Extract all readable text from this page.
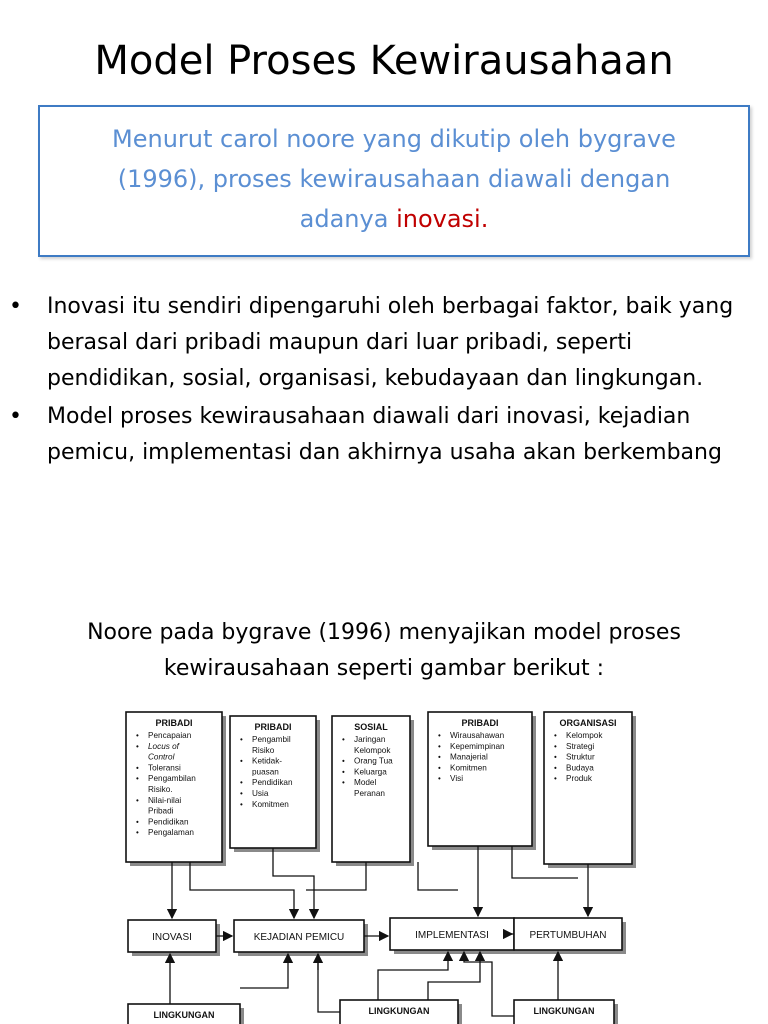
Model Proses Kewirausahaan

Menurut carol noore yang dikutip oleh bygrave
(1996), proses kewirausahaan diawali dengan
adanya inovasi.

• Inovasi itu sendiri dipengaruhi oleh berbagai faktor, baik yang berasal dari pribadi maupun dari luar pribadi, seperti pendidikan, sosial, organisasi, kebudayaan dan lingkungan.
• Model proses kewirausahaan diawali dari inovasi, kejadian pemicu, implementasi dan akhirnya usaha akan berkembang
Noore pada bygrave (1996) menyajikan model proses
kewirausahaan seperti gambar berikut :
PRIBADI
• Pencapaian
• Locus of
Control
• Toleransi
• Pengambilan
Risiko.
• Nilai-nilai
Pribadi
• Pendidikan
• Pengalaman
PRIBADI
• Pengambil
Risiko
• Ketidak-
puasan
• Pendidikan
• Usia
• Komitmen
SOSIAL
• Jaringan
Kelompok
• Orang Tua
• Keluarga
• Model
Peranan
PRIBADI
• Wirausahawan
• Kepemimpinan
• Manajerial
• Komitmen
• Visi
ORGANISASI
• Kelompok
• Strategi
• Struktur
• Budaya
• Produk
INOVASI	KEJADIAN PEMICU	IMPLEMENTASI	PERTUMBUHAN
LINGKUNGAN	LINGKUNGAN	LINGKUNGAN
